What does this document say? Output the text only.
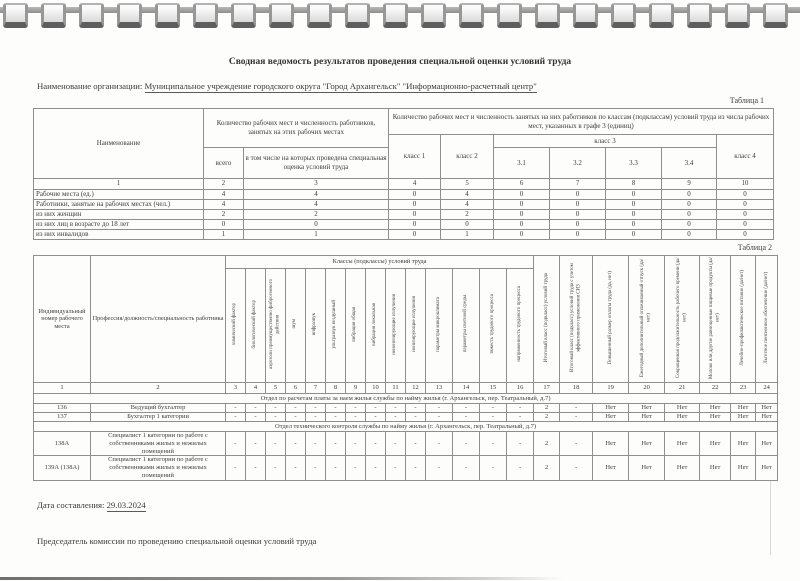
Сводная ведомость результатов проведения специальной оценки условий труда
Наименование организации: Муниципальное учреждение городского округа "Город Архангельск" "Информационно-расчетный центр"
Таблица 1
Наименование	Количество рабочих мест и численность работников, занятых на этих рабочих местах		Количество рабочих мест и численность занятых на них работников по классам (подклассам) условий труда из числа рабочих мест, указанных в графе 3 (единиц)						
			класс 1	класс 2	класс 3				класс 4
	всего	в том числе на которых проведена специальная оценка условий труда			3.1	3.2	3.3	3.4	
1	2	3	4	5	6	7	8	9	10
Рабочие места (ед.)	4	4	0	4	0	0	0	0	0
Работники, занятые на рабочих местах (чел.)	4	4	0	4	0	0	0	0	0
из них женщин	2	2	0	2	0	0	0	0	0
из них лиц в возрасте до 18 лет	0	0	0	0	0	0	0	0	0
из них инвалидов	1	1	0	1	0	0	0	0	0
Таблица 2
Индивидуальный номер рабочего места	Профессия/должность/специальность работника	Классы (подклассы) условий труда														Итоговый класс (подкласс) условий труда	Итоговый класс (подкласс) условий труда с учетом эффективного применения СИЗ	Повышенный размер оплаты труда (да, нет)	Ежегодный дополнительный оплачиваемый отпуск (да/нет)	Сокращенная продолжительность рабочего времени (да/нет)	Молоко или другие равноценные пищевые продукты (да/нет)	Лечебно-профилактическое питание (да/нет)	Льготное пенсионное обеспечение (да/нет)
		химический фактор	биологический фактор	аэрозоли преимущественно фиброгенного действия	шум	инфразвук	ультразвук воздушный	вибрация общая	вибрация локальная	неионизирующие излучения	ионизирующие излучения	параметры микроклимата	параметры световой среды	тяжесть трудового процесса	напряженность трудового процесса								
1	2	3	4	5	6	7	8	9	10	11	12	13	14	15	16	17	18	19	20	21	22	23	24
Отдел по расчетам платы за наем жилья службы по найму жилья (г. Архангельск, пер. Театральный, д.7)																							
136	Ведущий бухгалтер	-	-	-	-	-	-	-	-	-	-	-	-	-	-	2	-	Нет	Нет	Нет	Нет	Нет	Нет
137	Бухгалтер 1 категории	-	-	-	-	-	-	-	-	-	-	-	-	-	-	2	-	Нет	Нет	Нет	Нет	Нет	Нет
Отдел технического контроля службы по найму жилья (г. Архангельск, пер. Театральный, д.7)																							
138А	Специалист 1 категории по работе с собственниками жилых и нежилых помещений	-	-	-	-	-	-	-	-	-	-	-	-	-	-	2	-	Нет	Нет	Нет	Нет	Нет	Нет
139А (138А)	Специалист 1 категории по работе с собственниками жилых и нежилых помещений	-	-	-	-	-	-	-	-	-	-	-	-	-	-	2	-	Нет	Нет	Нет	Нет	Нет	Нет
Дата составления: 29.03.2024
Председатель комиссии по проведению специальной оценки условий труда
